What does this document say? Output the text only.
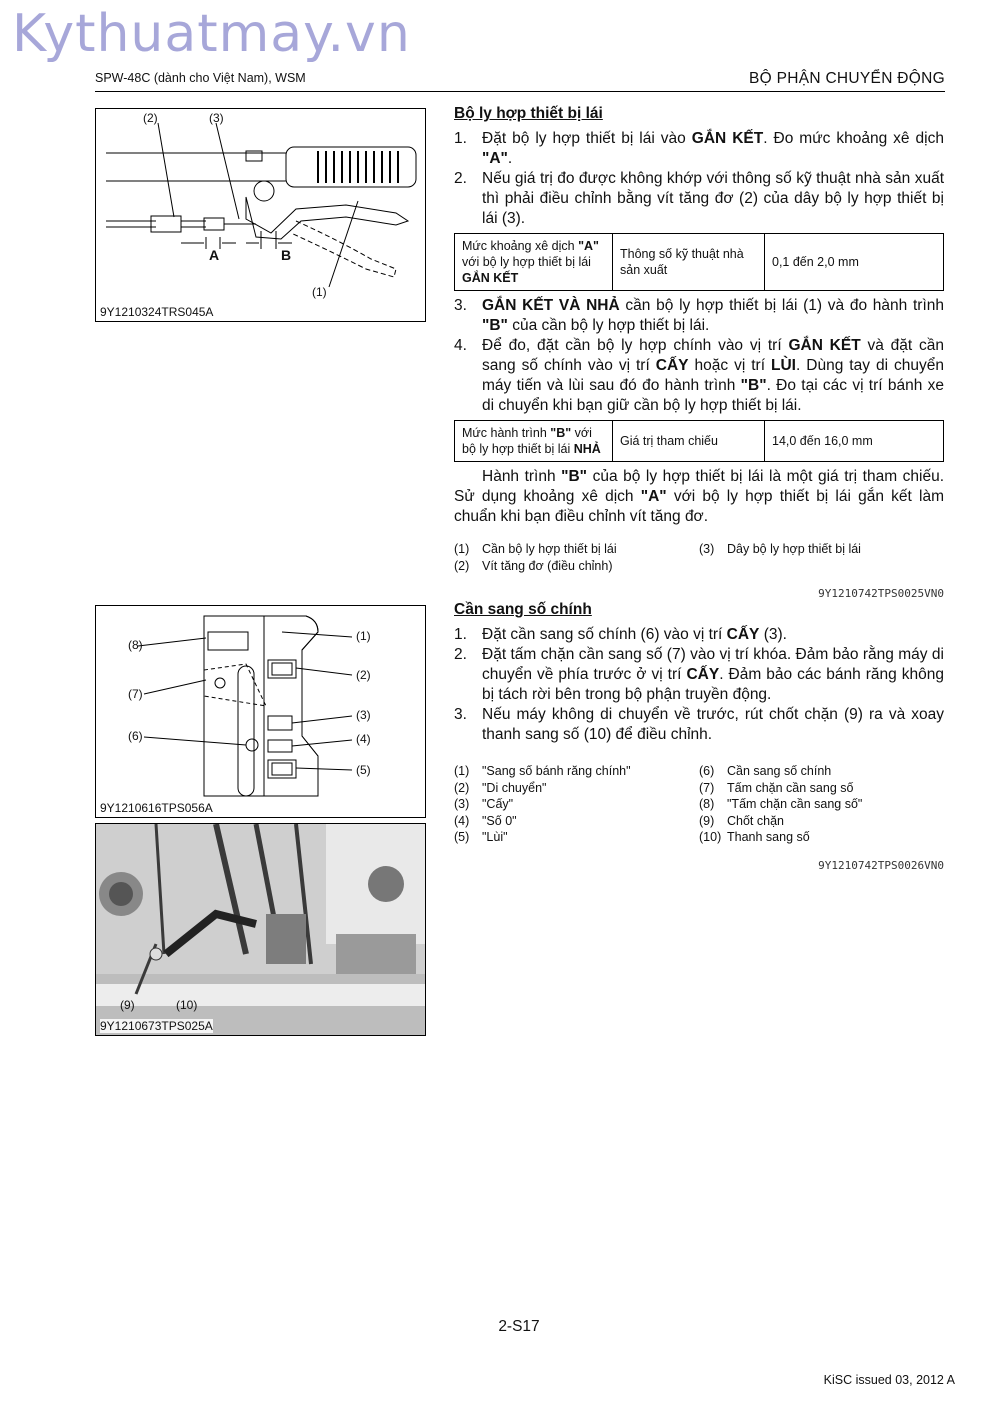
Kythuatmay.vn
SPW-48C (dành cho Việt Nam), WSM	BỘ PHẬN CHUYỂN ĐỘNG
(2)	(3)
A	B
(1)
9Y1210324TRS045A
Bộ ly hợp thiết bị lái
1. Đặt bộ ly hợp thiết bị lái vào GẮN KẾT. Đo mức khoảng xê dịch "A".
2. Nếu giá trị đo được không khớp với thông số kỹ thuật nhà sản xuất thì phải điều chỉnh bằng vít tăng đơ (2) của dây bộ ly hợp thiết bị lái (3).
Mức khoảng xê dịch "A" với bộ ly hợp thiết bị lái GẮN KẾT	Thông số kỹ thuật nhà sản xuất	0,1 đến 2,0 mm
3. GẮN KẾT VÀ NHẢ cần bộ ly hợp thiết bị lái (1) và đo hành trình "B" của cần bộ ly hợp thiết bị lái.
4. Để đo, đặt cần bộ ly hợp chính vào vị trí GẮN KẾT và đặt cần sang số chính vào vị trí CẤY hoặc vị trí LÙI. Dùng tay di chuyển máy tiến và lùi sau đó đo hành trình "B". Đo tại các vị trí bánh xe di chuyển khi bạn giữ cần bộ ly hợp thiết bị lái.
Mức hành trình "B" với bộ ly hợp thiết bị lái NHẢ	Giá trị tham chiếu	14,0 đến 16,0 mm
Hành trình "B" của bộ ly hợp thiết bị lái là một giá trị tham chiếu. Sử dụng khoảng xê dịch "A" với bộ ly hợp thiết bị lái gắn kết làm chuẩn khi bạn điều chỉnh vít tăng đơ.
(1) Cần bộ ly hợp thiết bị lái	(3) Dây bộ ly hợp thiết bị lái
(2) Vít tăng đơ (điều chỉnh)
9Y1210742TPS0025VN0
(8)
(1)
(2)
(7)
(3)
(6)	(4)
(5)
9Y1210616TPS056A
(9)	(10)
9Y1210673TPS025A
Cần sang số chính
1. Đặt cần sang số chính (6) vào vị trí CẤY (3).
2. Đặt tấm chặn cần sang số (7) vào vị trí khóa. Đảm bảo rằng máy di chuyển về phía trước ở vị trí CẤY. Đảm bảo các bánh răng không bị tách rời bên trong bộ phận truyền động.
3. Nếu máy không di chuyển về trước, rút chốt chặn (9) ra và xoay thanh sang số (10) để điều chỉnh.
(1) "Sang số bánh răng chính"	(6) Cần sang số chính
(2) "Di chuyển"	(7) Tấm chặn cần sang số
(3) "Cấy"	(8) "Tấm chặn cần sang số"
(4) "Số 0"	(9) Chốt chặn
(5) "Lùi"	(10) Thanh sang số
9Y1210742TPS0026VN0
2-S17
KiSC issued 03, 2012 A
